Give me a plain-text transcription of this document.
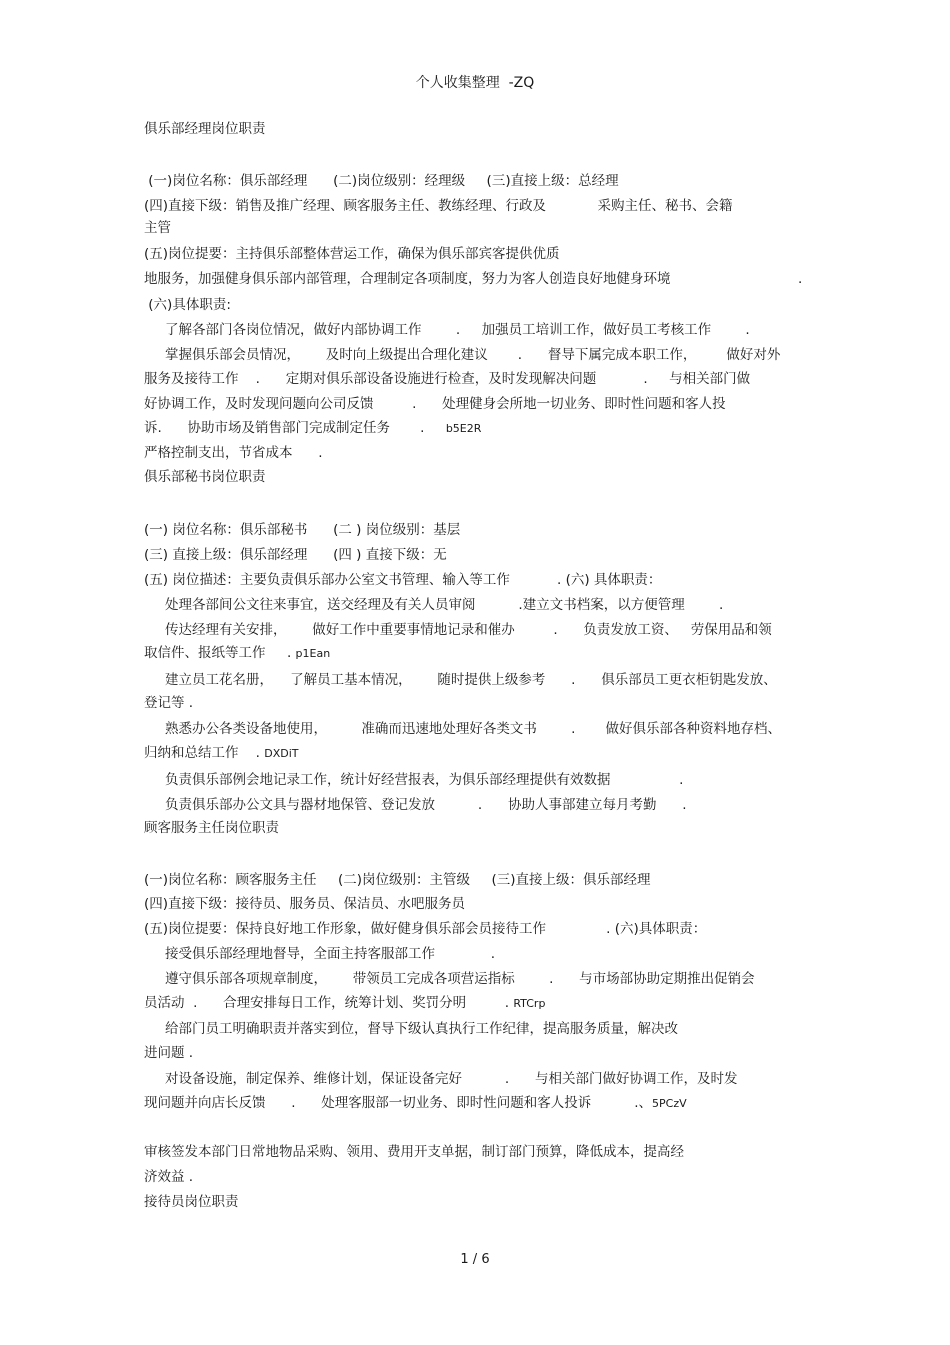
个人收集整理  -ZQ
俱乐部经理岗位职责
(一)岗位名称：俱乐部经理      (二)岗位级别：经理级     (三)直接上级：总经理
(四)直接下级：销售及推广经理、顾客服务主任、教练经理、行政及            采购主任、秘书、会籍
主管
(五)岗位提要：主持俱乐部整体营运工作，确保为俱乐部宾客提供优质
地服务，加强健身俱乐部内部管理，合理制定各项制度，努力为客人创造良好地健身环境	.
(六)具体职责:
了解各部门各岗位情况，做好内部协调工作        .     加强员工培训工作，做好员工考核工作        .
掌握俱乐部会员情况，      及时向上级提出合理化建议       .      督导下属完成本职工作，       做好对外
服务及接待工作    .      定期对俱乐部设备设施进行检查，及时发现解决问题           .     与相关部门做
好协调工作，及时发现问题向公司反馈         .      处理健身会所地一切业务、即时性问题和客人投
诉.      协助市场及销售部门完成制定任务       .     b5E2R
严格控制支出，节省成本      .
俱乐部秘书岗位职责
(一) 岗位名称：俱乐部秘书      (二 ) 岗位级别：基层
(三) 直接上级：俱乐部经理      (四 ) 直接下级：无
(五) 岗位描述：主要负责俱乐部办公室文书管理、输入等工作           . (六) 具体职责：
处理各部间公文往来事宜，送交经理及有关人员审阅          .建立文书档案，以方便管理        .
传达经理有关安排，      做好工作中重要事情地记录和催办         .      负责发放工资、   劳保用品和领
取信件、报纸等工作     . p1Ean
建立员工花名册，    了解员工基本情况，      随时提供上级参考      .      俱乐部员工更衣柜钥匙发放、
登记等 .
熟悉办公各类设备地使用，        准确而迅速地处理好各类文书        .       做好俱乐部各种资料地存档、
归纳和总结工作    . DXDiT
负责俱乐部例会地记录工作，统计好经营报表，为俱乐部经理提供有效数据                .
负责俱乐部办公文具与器材地保管、登记发放          .      协助人事部建立每月考勤      .
顾客服务主任岗位职责
(一)岗位名称：顾客服务主任     (二)岗位级别：主管级     (三)直接上级：俱乐部经理
(四)直接下级：接待员、服务员、保洁员、水吧服务员
(五)岗位提要：保持良好地工作形象，做好健身俱乐部会员接待工作              . (六)具体职责：
接受俱乐部经理地督导，全面主持客服部工作             .
遵守俱乐部各项规章制度，      带领员工完成各项营运指标        .      与市场部协助定期推出促销会
员活动  .      合理安排每日工作，统筹计划、奖罚分明         . RTCrp
给部门员工明确职责并落实到位，督导下级认真执行工作纪律，提高服务质量，解决改
进问题 .
对设备设施，制定保养、维修计划，保证设备完好          .      与相关部门做好协调工作，及时发
现问题并向店长反馈      .      处理客服部一切业务、即时性问题和客人投诉          .、5PCzV
审核签发本部门日常地物品采购、领用、费用开支单据，制订部门预算，降低成本，提高经
济效益 .
接待员岗位职责
1 / 6
